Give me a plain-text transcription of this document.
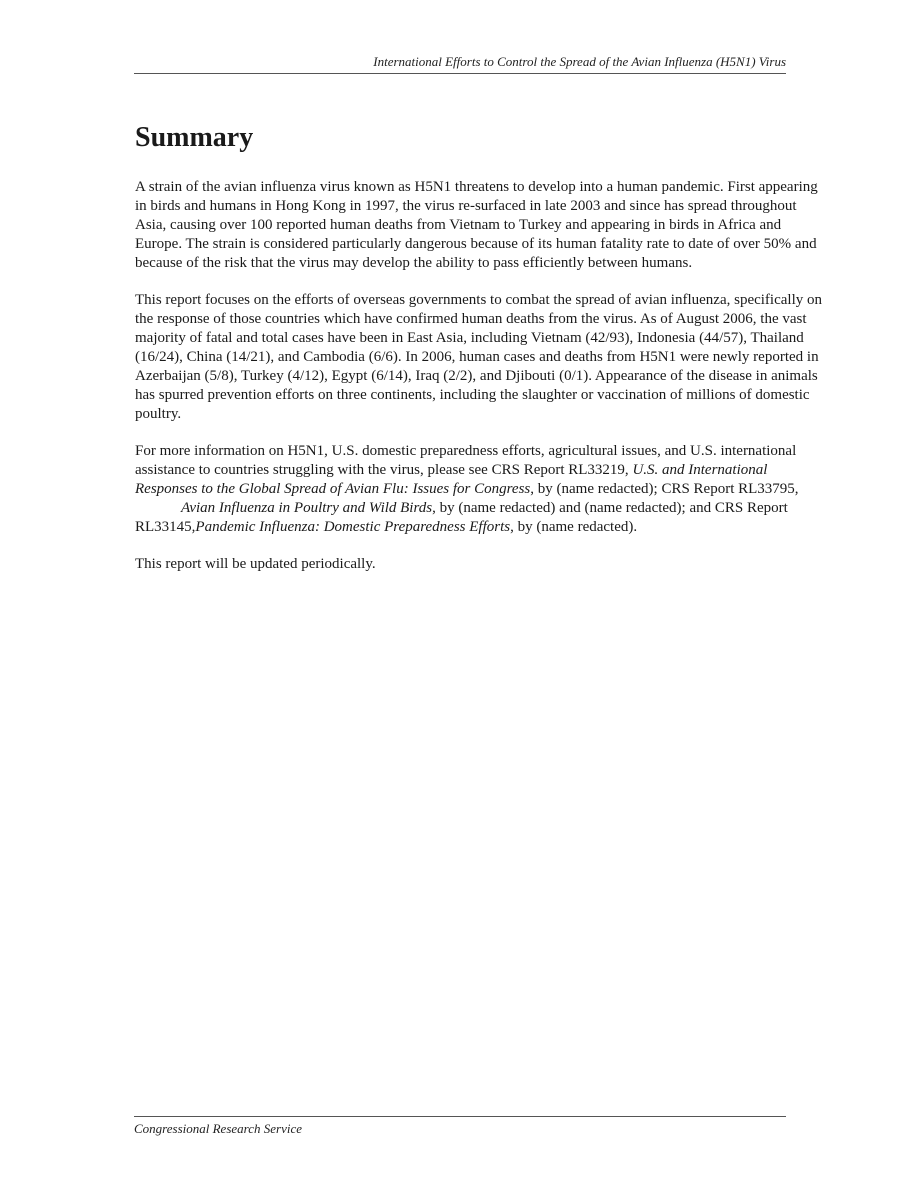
International Efforts to Control the Spread of the Avian Influenza (H5N1) Virus
Summary

A strain of the avian influenza virus known as H5N1 threatens to develop into a human pandemic. First appearing in birds and humans in Hong Kong in 1997, the virus re-surfaced in late 2003 and since has spread throughout Asia, causing over 100 reported human deaths from Vietnam to Turkey and appearing in birds in Africa and Europe. The strain is considered particularly dangerous because of its human fatality rate to date of over 50% and because of the risk that the virus may develop the ability to pass efficiently between humans.

This report focuses on the efforts of overseas governments to combat the spread of avian influenza, specifically on the response of those countries which have confirmed human deaths from the virus. As of August 2006, the vast majority of fatal and total cases have been in East Asia, including Vietnam (42/93), Indonesia (44/57), Thailand (16/24), China (14/21), and Cambodia (6/6). In 2006, human cases and deaths from H5N1 were newly reported in Azerbaijan (5/8), Turkey (4/12), Egypt (6/14), Iraq (2/2), and Djibouti (0/1). Appearance of the disease in animals has spurred prevention efforts on three continents, including the slaughter or vaccination of millions of domestic poultry.

For more information on H5N1, U.S. domestic preparedness efforts, agricultural issues, and U.S. international assistance to countries struggling with the virus, please see CRS Report RL33219, U.S. and International Responses to the Global Spread of Avian Flu: Issues for Congress, by (name redacted); CRS Report RL33795,Avian Influenza in Poultry and Wild Birds, by (name redacted) and (name redacted); and CRS Report RL33145,Pandemic Influenza: Domestic Preparedness Efforts, by (name redacted).

This report will be updated periodically.

Congressional Research Service
